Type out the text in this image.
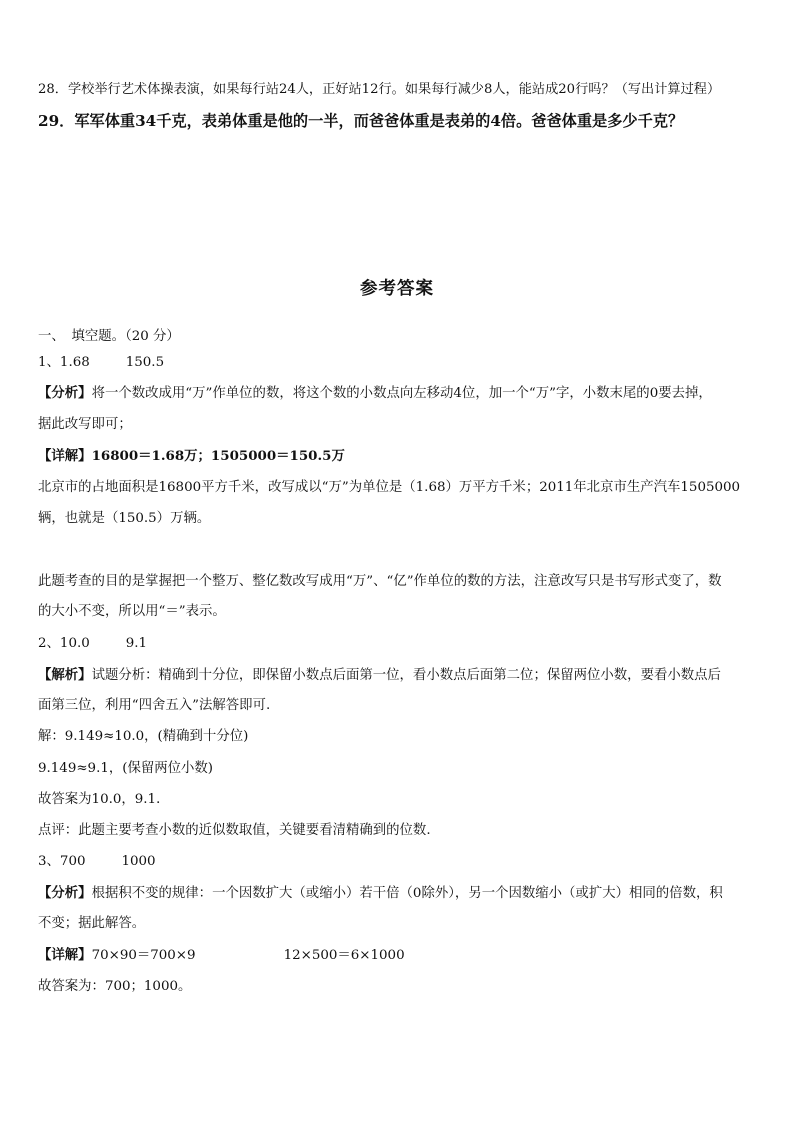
28．学校举行艺术体操表演，如果每行站24人，正好站12行。如果每行减少8人，能站成20行吗？（写出计算过程）
29．军军体重34千克，表弟体重是他的一半，而爸爸体重是表弟的4倍。爸爸体重是多少千克？
参考答案
一、　填空题。（20 分）
1、1.68	150.5
【分析】将一个数改成用“万”作单位的数，将这个数的小数点向左移动4位，加一个“万”字，小数末尾的0要去掉，
据此改写即可；
【详解】16800＝1.68万；1505000＝150.5万
北京市的占地面积是16800平方千米，改写成以“万”为单位是（1.68）万平方千米；2011年北京市生产汽车1505000
辆，也就是（150.5）万辆。
此题考查的目的是掌握把一个整万、整亿数改写成用“万”、“亿”作单位的数的方法，注意改写只是书写形式变了，数
的大小不变，所以用“＝”表示。
2、10.0	9.1
【解析】试题分析：精确到十分位，即保留小数点后面第一位，看小数点后面第二位；保留两位小数，要看小数点后
面第三位，利用“四舍五入”法解答即可.
解：9.149≈10.0，(精确到十分位)
9.149≈9.1，(保留两位小数)
故答案为10.0，9.1．
点评：此题主要考查小数的近似数取值，关键要看清精确到的位数.
3、700	1000
【分析】根据积不变的规律：一个因数扩大（或缩小）若干倍（0除外），另一个因数缩小（或扩大）相同的倍数，积
不变；据此解答。
【详解】70×90＝700×9	12×500＝6×1000
故答案为：700；1000。
